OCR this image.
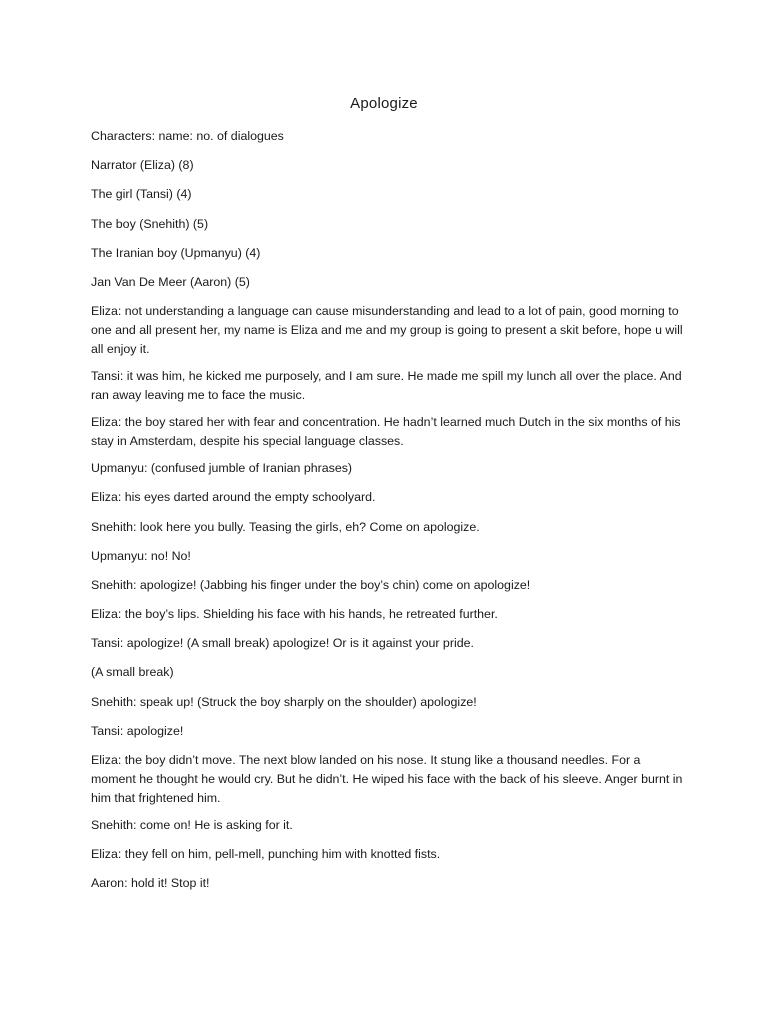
Apologize

Characters: name: no. of dialogues

Narrator (Eliza) (8)

The girl (Tansi) (4)

The boy (Snehith) (5)

The Iranian boy (Upmanyu) (4)

Jan Van De Meer (Aaron) (5)

Eliza: not understanding a language can cause misunderstanding and lead to a lot of pain, good morning to one and all present her, my name is Eliza and me and my group is going to present a skit before, hope u will all enjoy it.

Tansi: it was him, he kicked me purposely, and I am sure. He made me spill my lunch all over the place. And ran away leaving me to face the music.

Eliza: the boy stared her with fear and concentration. He hadn’t learned much Dutch in the six months of his stay in Amsterdam, despite his special language classes.

Upmanyu: (confused jumble of Iranian phrases)

Eliza: his eyes darted around the empty schoolyard.

Snehith: look here you bully. Teasing the girls, eh? Come on apologize.

Upmanyu: no! No!

Snehith: apologize! (Jabbing his finger under the boy’s chin) come on apologize!

Eliza: the boy’s lips. Shielding his face with his hands, he retreated further.

Tansi: apologize! (A small break) apologize! Or is it against your pride.

(A small break)

Snehith: speak up! (Struck the boy sharply on the shoulder) apologize!

Tansi: apologize!

Eliza: the boy didn’t move. The next blow landed on his nose. It stung like a thousand needles. For a moment he thought he would cry. But he didn’t. He wiped his face with the back of his sleeve. Anger burnt in him that frightened him.

Snehith: come on! He is asking for it.

Eliza: they fell on him, pell-mell, punching him with knotted fists.

Aaron: hold it! Stop it!
